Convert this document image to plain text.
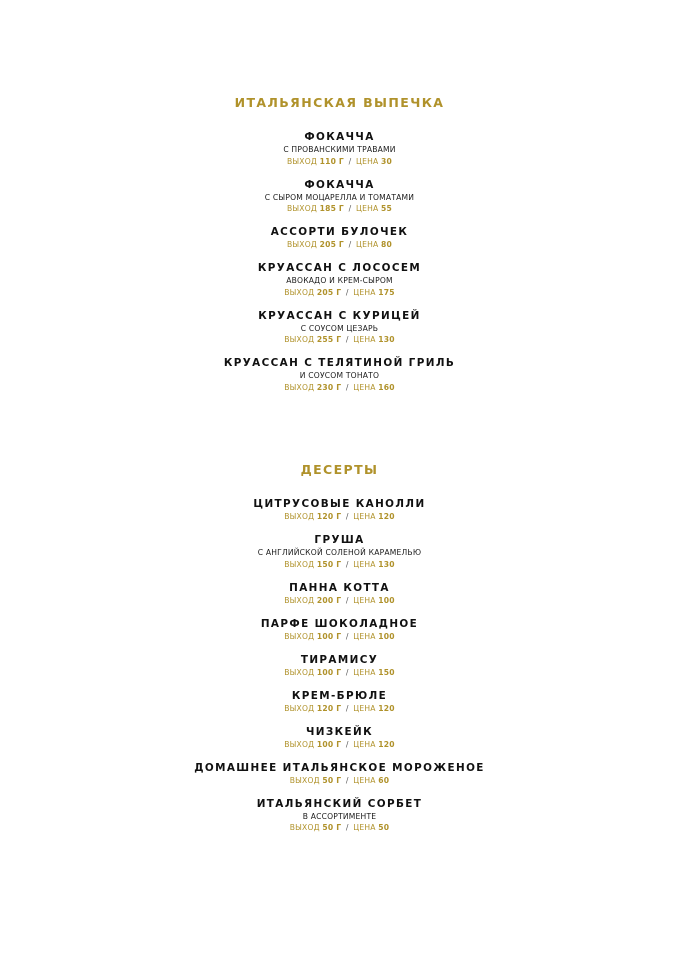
ИТАЛЬЯНСКАЯ ВЫПЕЧКА
ФОКАЧЧА
С ПРОВАНСКИМИ ТРАВАМИ
ВЫХОД 110 Г / ЦЕНА 30
ФОКАЧЧА
С СЫРОМ МОЦАРЕЛЛА И ТОМАТАМИ
ВЫХОД 185 Г / ЦЕНА 55
АССОРТИ БУЛОЧЕК
ВЫХОД 205 Г / ЦЕНА 80
КРУАССАН С ЛОСОСЕМ
АВОКАДО И КРЕМ-СЫРОМ
ВЫХОД 205 Г / ЦЕНА 175
КРУАССАН С КУРИЦЕЙ
С СОУСОМ ЦЕЗАРЬ
ВЫХОД 255 Г / ЦЕНА 130
КРУАССАН С ТЕЛЯТИНОЙ ГРИЛЬ
И СОУСОМ ТОНАТО
ВЫХОД 230 Г / ЦЕНА 160
ДЕСЕРТЫ
ЦИТРУСОВЫЕ КАНОЛЛИ
ВЫХОД 120 Г / ЦЕНА 120
ГРУША
С АНГЛИЙСКОЙ СОЛЕНОЙ КАРАМЕЛЬЮ
ВЫХОД 150 Г / ЦЕНА 130
ПАННА КОТТА
ВЫХОД 200 Г / ЦЕНА 100
ПАРФЕ ШОКОЛАДНОЕ
ВЫХОД 100 Г / ЦЕНА 100
ТИРАМИСУ
ВЫХОД 100 Г / ЦЕНА 150
КРЕМ-БРЮЛЕ
ВЫХОД 120 Г / ЦЕНА 120
ЧИЗКЕЙК
ВЫХОД 100 Г / ЦЕНА 120
ДОМАШНЕЕ ИТАЛЬЯНСКОЕ МОРОЖЕНОЕ
ВЫХОД 50 Г / ЦЕНА 60
ИТАЛЬЯНСКИЙ СОРБЕТ
В АССОРТИМЕНТЕ
ВЫХОД 50 Г / ЦЕНА 50
